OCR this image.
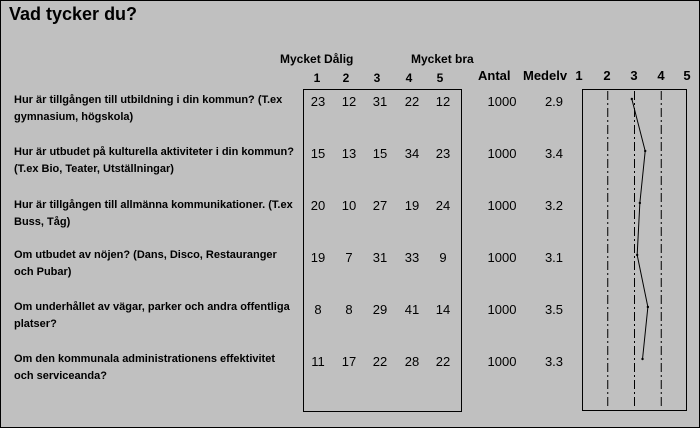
Vad tycker du?
Mycket Dålig	Mycket bra
1	2	3	4	5	Antal Medelv 1	2	3	4	5
Hur är tillgången till utbildning i din kommun? (T.ex gymnasium, högskola)
23	12	31	22	12	1000	2.9
Hur är utbudet på kulturella aktiviteter i din kommun? (T.ex Bio, Teater, Utställningar)
15	13	15	34	23	1000	3.4
Hur är tillgången till allmänna kommunikationer. (T.ex Buss, Tåg)
20	10	27	19	24	1000	3.2
Om utbudet av nöjen? (Dans, Disco, Restauranger och Pubar)
19	7	31	33	9	1000	3.1
Om underhållet av vägar, parker och andra offentliga platser?
8	8	29	41	14	1000	3.5
Om den kommunala administrationens effektivitet och serviceanda?
11	17	22	28	22	1000	3.3
